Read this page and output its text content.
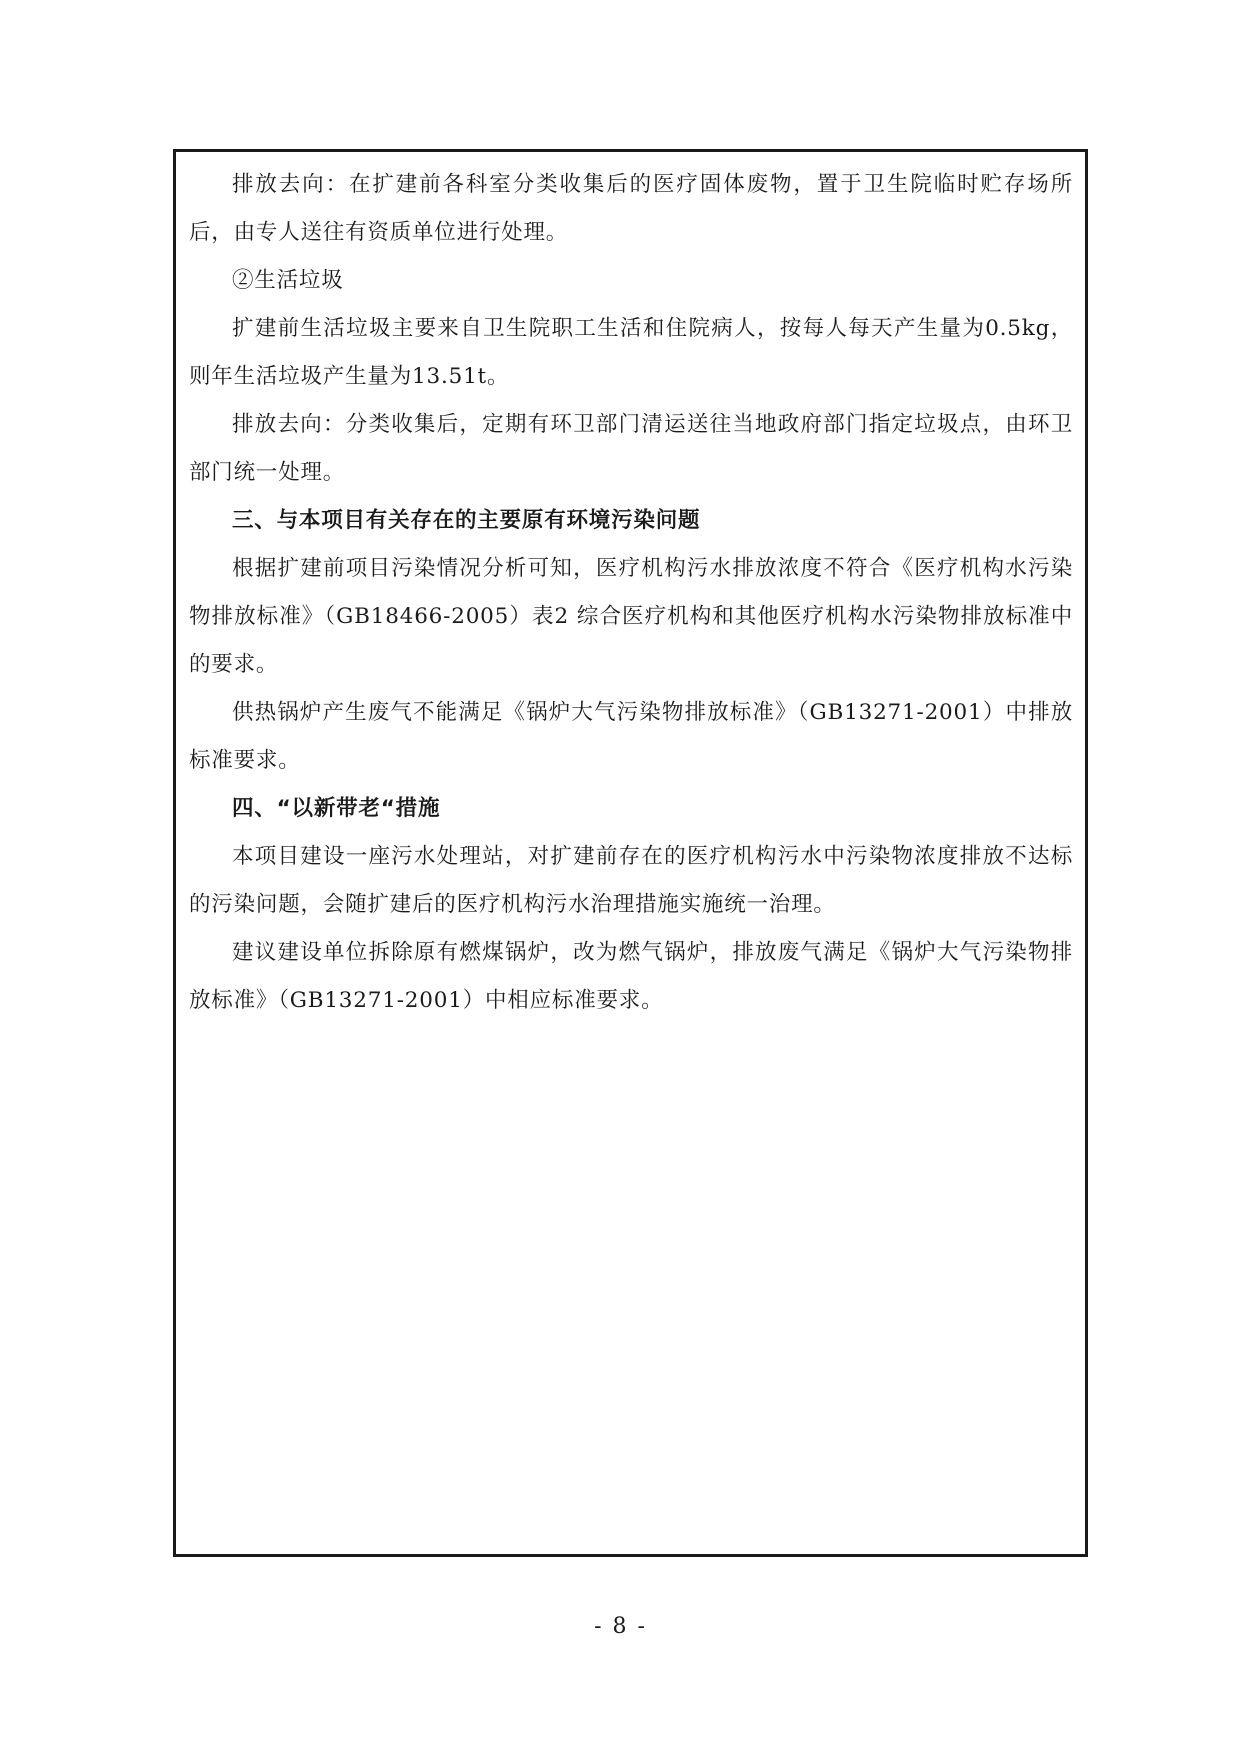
排放去向：在扩建前各科室分类收集后的医疗固体废物，置于卫生院临时贮存场所后，由专人送往有资质单位进行处理。

②生活垃圾

扩建前生活垃圾主要来自卫生院职工生活和住院病人，按每人每天产生量为0.5kg，则年生活垃圾产生量为13.51t。

排放去向：分类收集后，定期有环卫部门清运送往当地政府部门指定垃圾点，由环卫部门统一处理。

三、与本项目有关存在的主要原有环境污染问题

根据扩建前项目污染情况分析可知，医疗机构污水排放浓度不符合《医疗机构水污染物排放标准》（GB18466-2005）表2 综合医疗机构和其他医疗机构水污染物排放标准中的要求。

供热锅炉产生废气不能满足《锅炉大气污染物排放标准》（GB13271-2001）中排放标准要求。

四、“以新带老“措施

本项目建设一座污水处理站，对扩建前存在的医疗机构污水中污染物浓度排放不达标的污染问题，会随扩建后的医疗机构污水治理措施实施统一治理。

建议建设单位拆除原有燃煤锅炉，改为燃气锅炉，排放废气满足《锅炉大气污染物排放标准》（GB13271-2001）中相应标准要求。

- 8 -
